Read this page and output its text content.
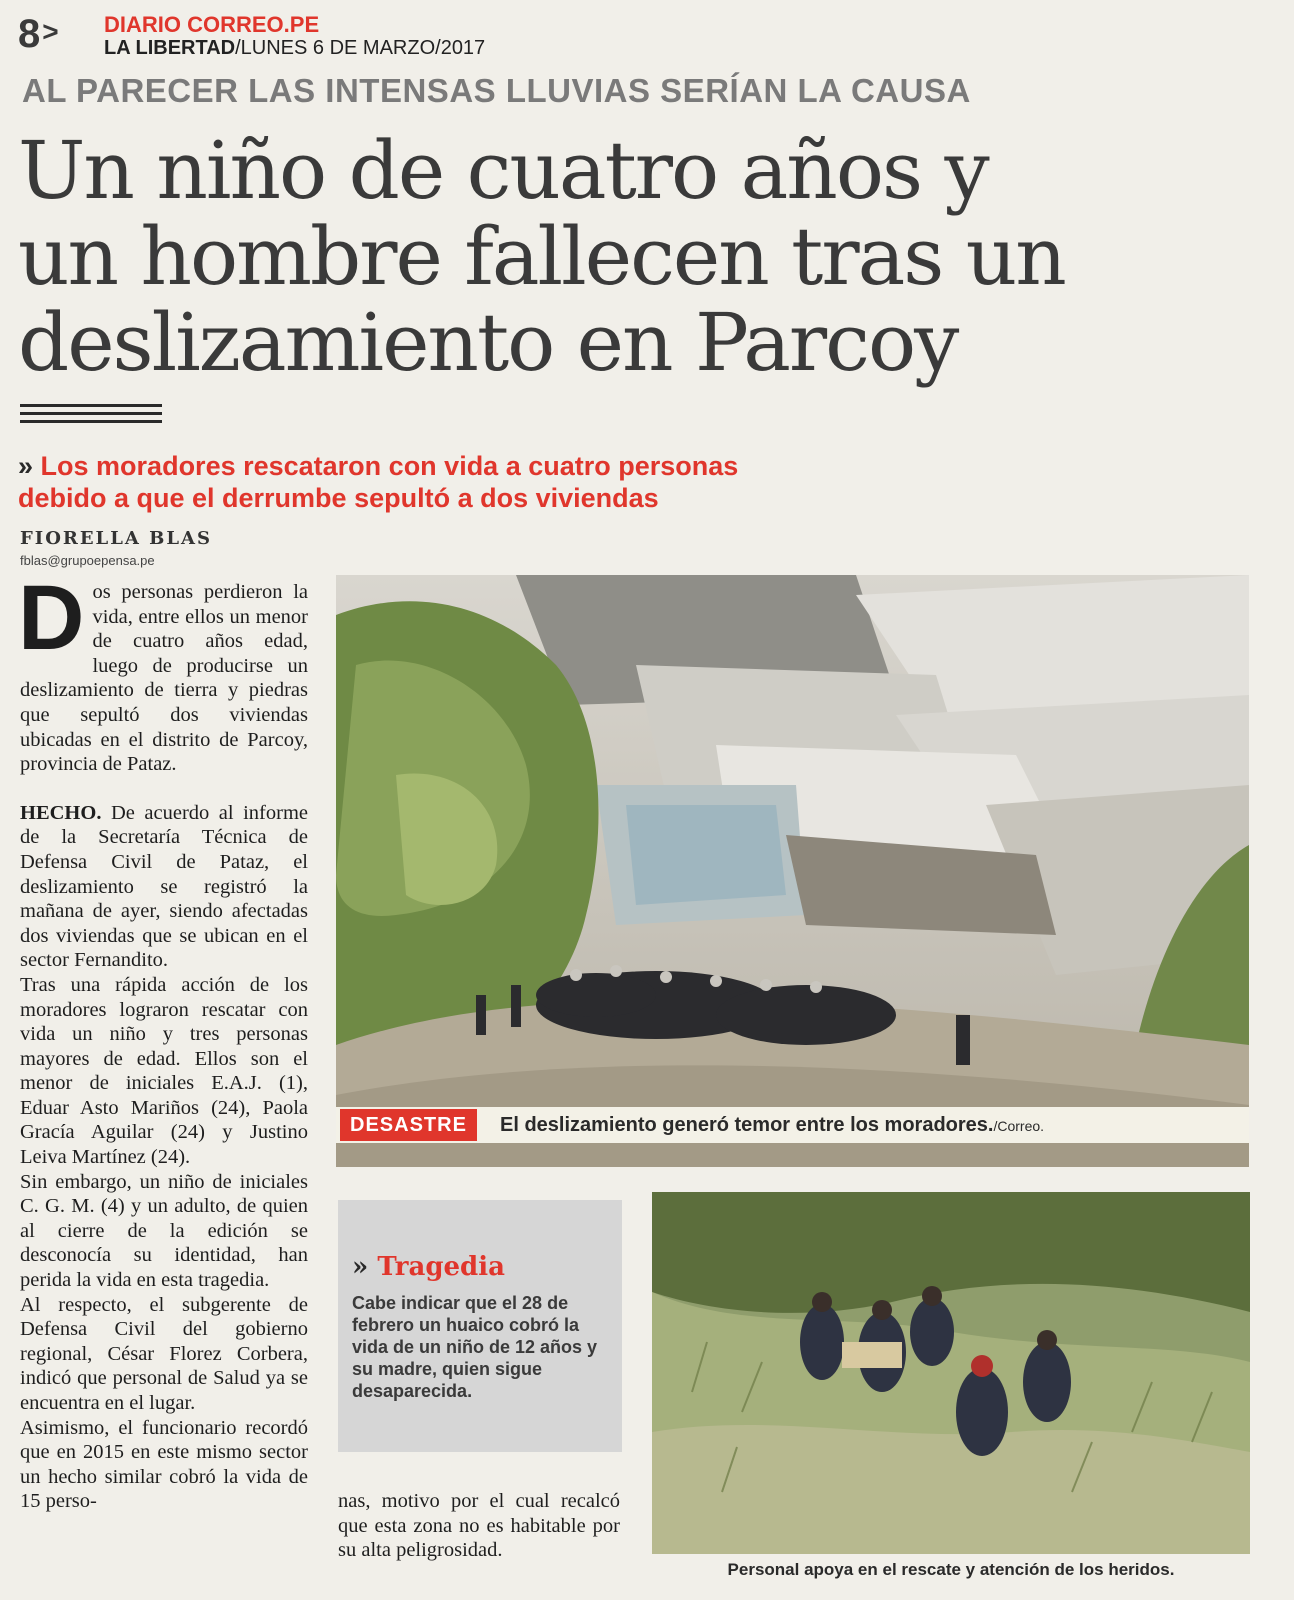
8> DIARIO CORREO.PE
LA LIBERTAD/LUNES 6 DE MARZO/2017
AL PARECER LAS INTENSAS LLUVIAS SERÍAN LA CAUSA
Un niño de cuatro años y
un hombre fallecen tras un
deslizamiento en Parcoy
» Los moradores rescataron con vida a cuatro personas
debido a que el derrumbe sepultó a dos viviendas
FIORELLA BLAS
fblas@grupoepensa.pe

Dos personas perdieron la vida, entre ellos un menor de cuatro años edad, luego de producirse un deslizamiento de tierra y piedras que sepultó dos viviendas ubicadas en el distrito de Parcoy, provincia de Pataz.

HECHO. De acuerdo al informe de la Secretaría Técnica de Defensa Civil de Pataz, el deslizamiento se registró la mañana de ayer, siendo afectadas dos viviendas que se ubican en el sector Fernandito.

Tras una rápida acción de los moradores lograron rescatar con vida un niño y tres personas mayores de edad. Ellos son el menor de iniciales E.A.J. (1), Eduar Asto Mariños (24), Paola Gracía Aguilar (24) y Justino Leiva Martínez (24).

Sin embargo, un niño de iniciales C. G. M. (4) y un adulto, de quien al cierre de la edición se desconocía su identidad, han perida la vida en esta tragedia.

Al respecto, el subgerente de Defensa Civil del gobierno regional, César Florez Corbera, indicó que personal de Salud ya se encuentra en el lugar.

Asimismo, el funcionario recordó que en 2015 en este mismo sector un hecho similar cobró la vida de 15 perso-

DESASTRE	El deslizamiento generó temor entre los moradores./Correo.
» Tragedia
Cabe indicar que el 28 de febrero un huaico cobró la vida de un niño de 12 años y su madre, quien sigue desaparecida.

nas, motivo por el cual recalcó que esta zona no es habitable por su alta peligrosidad.

Personal apoya en el rescate y atención de los heridos.
